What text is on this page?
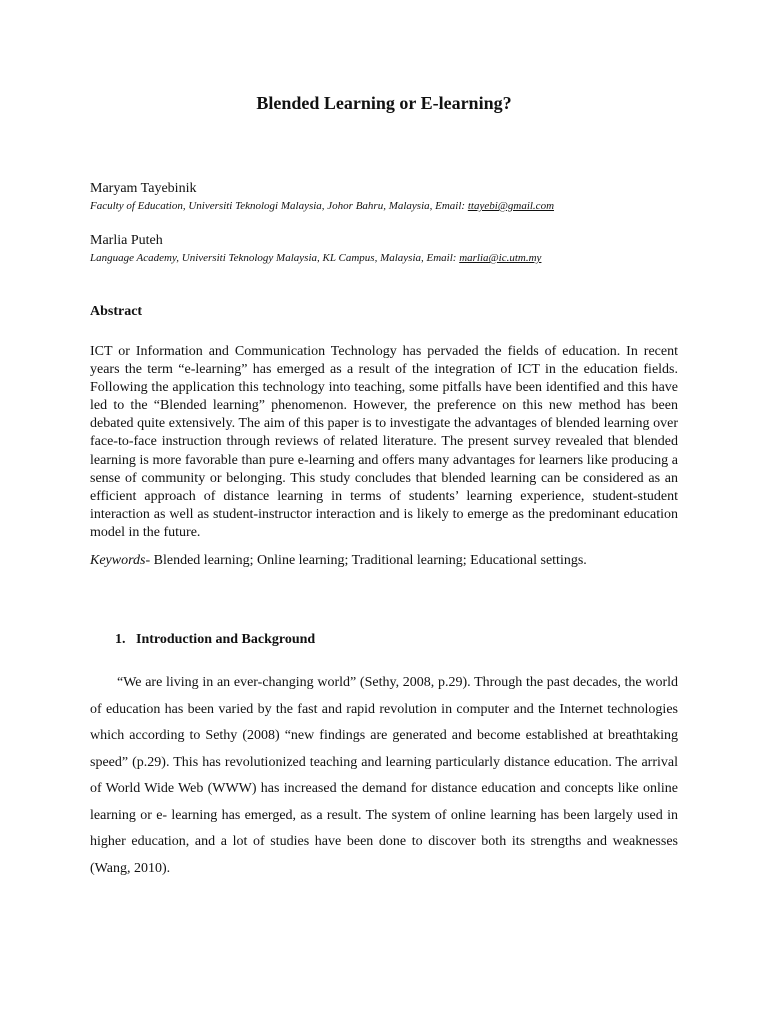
Blended Learning or E-learning?

Maryam Tayebinik

Faculty of Education, Universiti Teknologi Malaysia, Johor Bahru, Malaysia, Email: ttayebi@gmail.com

Marlia Puteh

Language Academy, Universiti Teknology Malaysia, KL Campus, Malaysia, Email: marlia@ic.utm.my

Abstract

ICT or Information and Communication Technology has pervaded the fields of education. In recent years the term “e-learning” has emerged as a result of the integration of ICT in the education fields. Following the application this technology into teaching, some pitfalls have been identified and this have led to the “Blended learning” phenomenon. However, the preference on this new method has been debated quite extensively. The aim of this paper is to investigate the advantages of blended learning over face-to-face instruction through reviews of related literature. The present survey revealed that blended learning is more favorable than pure e-learning and offers many advantages for learners like producing a sense of community or belonging. This study concludes that blended learning can be considered as an efficient approach of distance learning in terms of students’ learning experience, student-student interaction as well as student-instructor interaction and is likely to emerge as the predominant education model in the future.

Keywords- Blended learning; Online learning; Traditional learning; Educational settings.

1. Introduction and Background

“We are living in an ever-changing world” (Sethy, 2008, p.29). Through the past decades, the world of education has been varied by the fast and rapid revolution in computer and the Internet technologies which according to Sethy (2008) “new findings are generated and become established at breathtaking speed” (p.29). This has revolutionized teaching and learning particularly distance education. The arrival of World Wide Web (WWW) has increased the demand for distance education and concepts like online learning or e- learning has emerged, as a result. The system of online learning has been largely used in higher education, and a lot of studies have been done to discover both its strengths and weaknesses (Wang, 2010).
